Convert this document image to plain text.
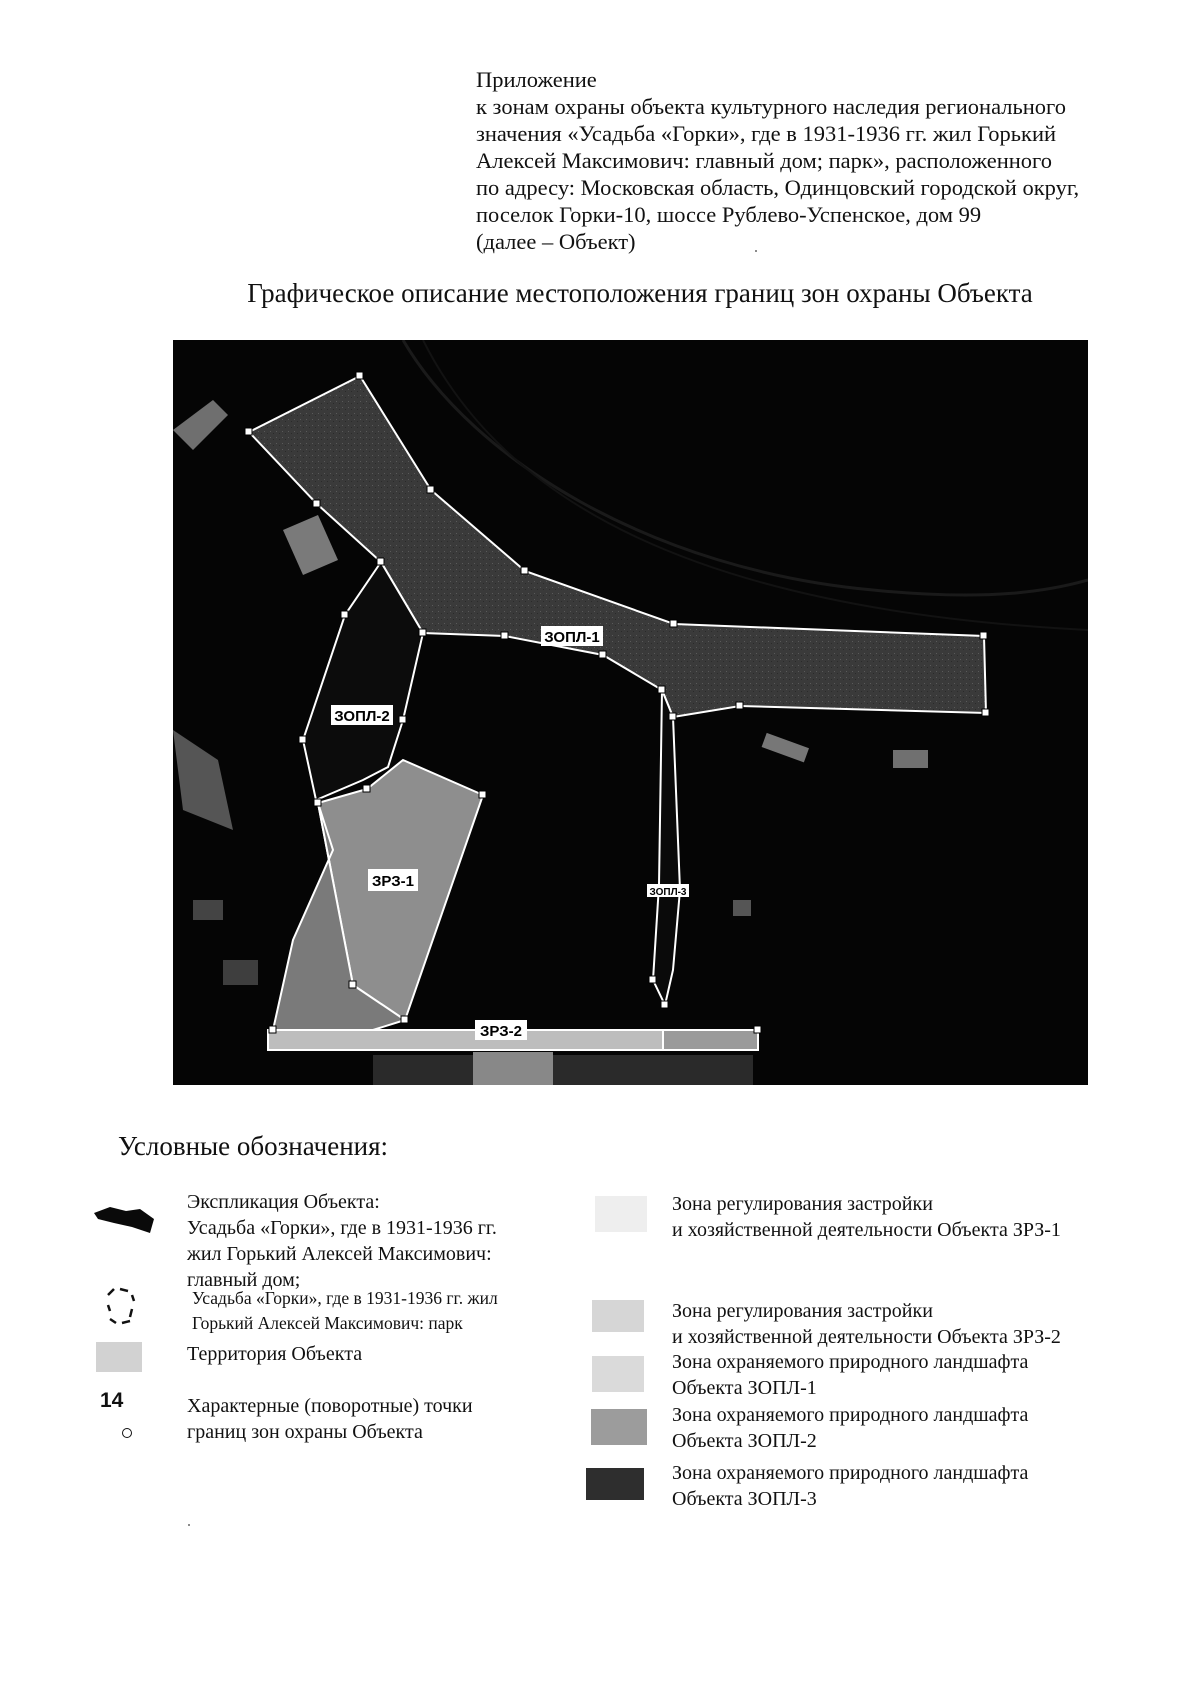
Приложение
к зонам охраны объекта культурного наследия регионального
значения «Усадьба «Горки», где в 1931-1936 гг. жил Горький
Алексей Максимович: главный дом; парк», расположенного
по адресу: Московская область, Одинцовский городской округ,
поселок Горки-10, шоссе Рублево-Успенское, дом 99
(далее – Объект)
Графическое описание местоположения границ зон охраны Объекта
ЗОПЛ-1
ЗОПЛ-2
ЗОПЛ-3
ЗРЗ-1
ЗРЗ-2
Условные обозначения:
Экспликация Объекта:
Усадьба «Горки», где в 1931-1936 гг.
жил Горький Алексей Максимович:
главный дом;
Усадьба «Горки», где в 1931-1936 гг. жил
Горький Алексей Максимович: парк
Территория Объекта
14	Характерные (поворотные) точки
границ зон охраны Объекта
Зона регулирования застройки
и хозяйственной деятельности Объекта ЗРЗ-1
Зона регулирования застройки
и хозяйственной деятельности Объекта ЗРЗ-2
Зона охраняемого природного ландшафта
Объекта ЗОПЛ-1
Зона охраняемого природного ландшафта
Объекта ЗОПЛ-2
Зона охраняемого природного ландшафта
Объекта ЗОПЛ-3
